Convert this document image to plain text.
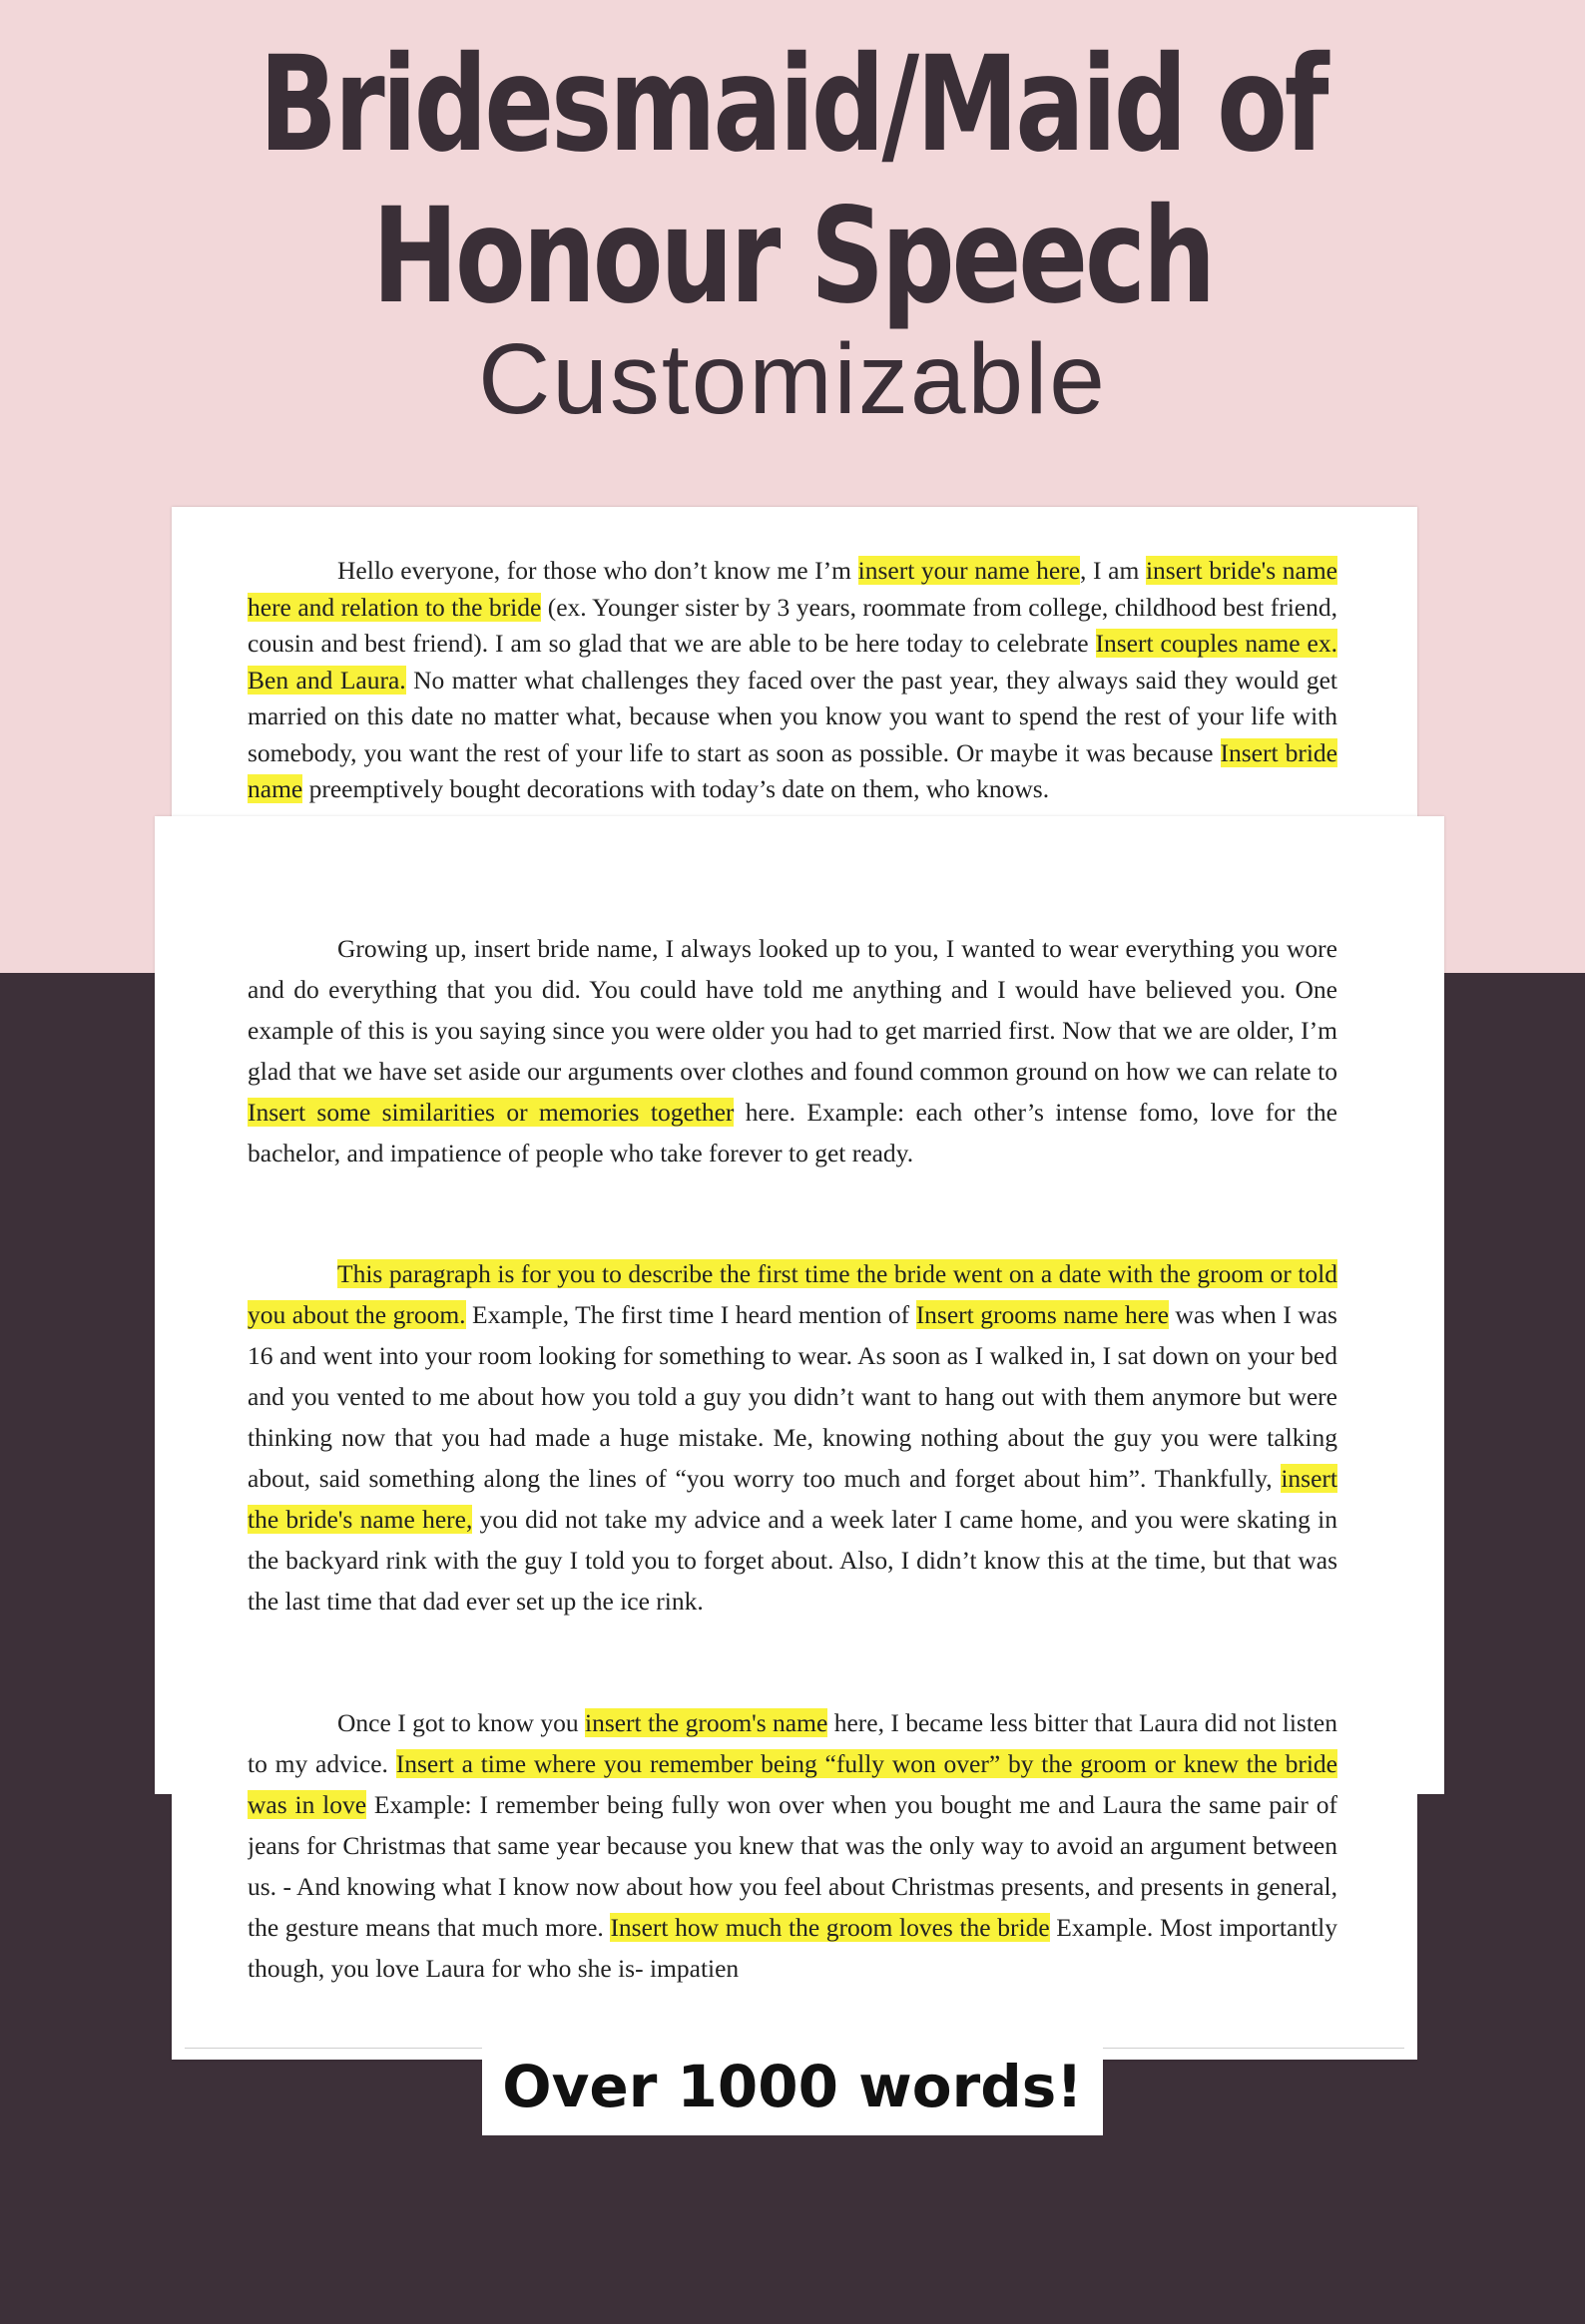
Bridesmaid/Maid of
Honour Speech
Customizable

Hello everyone, for those who don’t know me I’m insert your name here, I am insert bride's name here and relation to the bride (ex. Younger sister by 3 years, roommate from college, childhood best friend, cousin and best friend). I am so glad that we are able to be here today to celebrate Insert couples name ex. Ben and Laura. No matter what challenges they faced over the past year, they always said they would get married on this date no matter what, because when you know you want to spend the rest of your life with somebody, you want the rest of your life to start as soon as possible. Or maybe it was because Insert bride name preemptively bought decorations with today’s date on them, who knows.

Growing up, insert bride name, I always looked up to you, I wanted to wear everything you wore and do everything that you did. You could have told me anything and I would have believed you. One example of this is you saying since you were older you had to get married first. Now that we are older, I’m glad that we have set aside our arguments over clothes and found common ground on how we can relate to Insert some similarities or memories together here. Example: each other’s intense fomo, love for the bachelor, and impatience of people who take forever to get ready.

This paragraph is for you to describe the first time the bride went on a date with the groom or told you about the groom. Example, The first time I heard mention of Insert grooms name here was when I was 16 and went into your room looking for something to wear. As soon as I walked in, I sat down on your bed and you vented to me about how you told a guy you didn’t want to hang out with them anymore but were thinking now that you had made a huge mistake. Me, knowing nothing about the guy you were talking about, said something along the lines of “you worry too much and forget about him”. Thankfully, insert the bride's name here, you did not take my advice and a week later I came home, and you were skating in the backyard rink with the guy I told you to forget about. Also, I didn’t know this at the time, but that was the last time that dad ever set up the ice rink.

Once I got to know you insert the groom's name here, I became less bitter that Laura did not listen to my advice. Insert a time where you remember being “fully won over” by the groom or knew the bride was in love Example: I remember being fully won over when you bought me and Laura the same pair of jeans for Christmas that same year because you knew that was the only way to avoid an argument between us. - And knowing what I know now about how you feel about Christmas presents, and presents in general, the gesture means that much more. Insert how much the groom loves the bride Example. Most importantly though, you love Laura for who she is- impatien

Over 1000 words!
